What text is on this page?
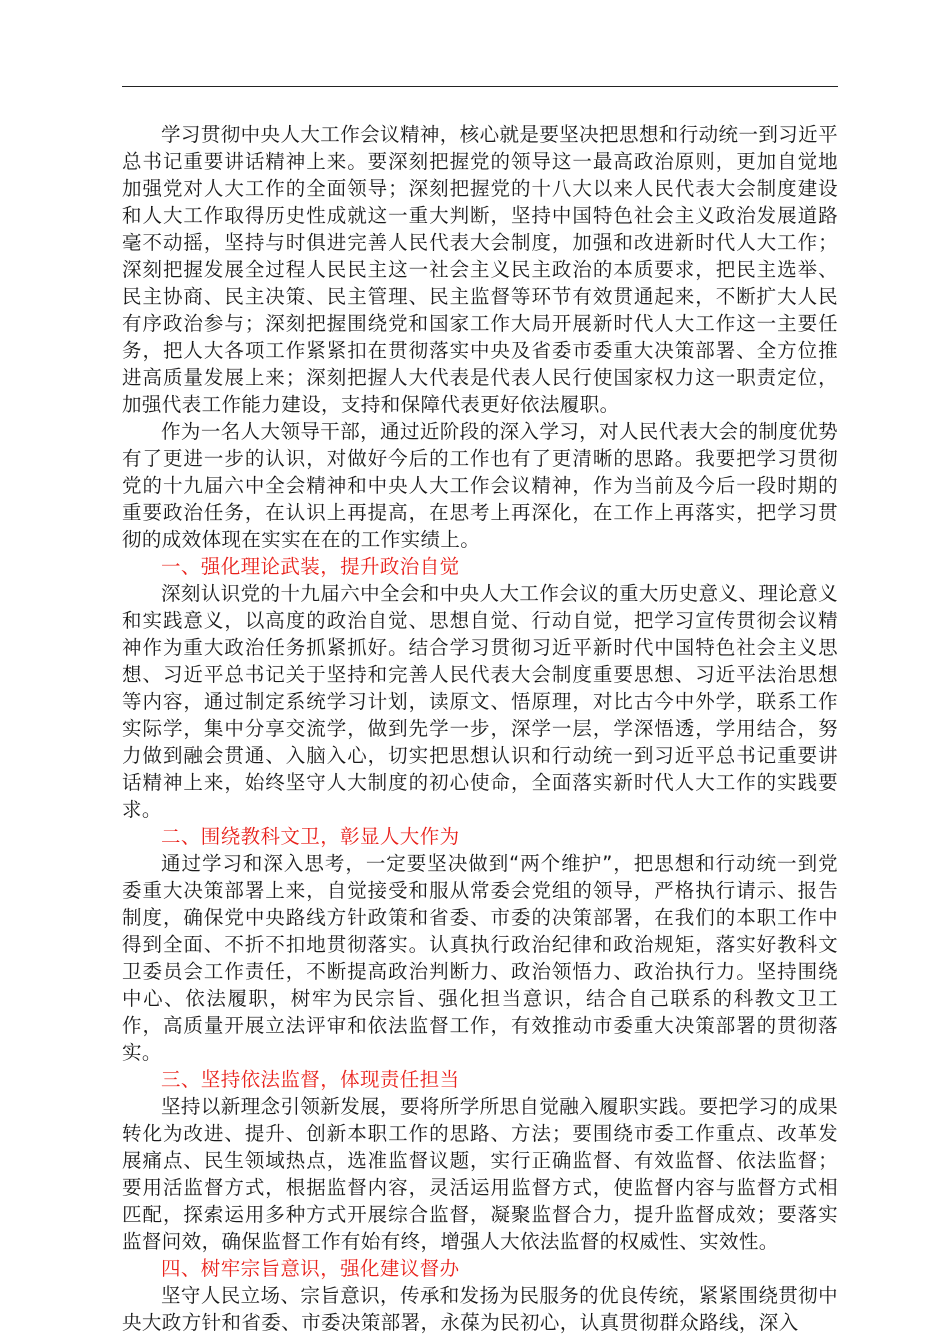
学习贯彻中央人大工作会议精神，核心就是要坚决把思想和行动统一到习近平总书记重要讲话精神上来。要深刻把握党的领导这一最高政治原则，更加自觉地加强党对人大工作的全面领导；深刻把握党的十八大以来人民代表大会制度建设和人大工作取得历史性成就这一重大判断，坚持中国特色社会主义政治发展道路毫不动摇，坚持与时俱进完善人民代表大会制度，加强和改进新时代人大工作；深刻把握发展全过程人民民主这一社会主义民主政治的本质要求，把民主选举、民主协商、民主决策、民主管理、民主监督等环节有效贯通起来，不断扩大人民有序政治参与；深刻把握围绕党和国家工作大局开展新时代人大工作这一主要任务，把人大各项工作紧紧扣在贯彻落实中央及省委市委重大决策部署、全方位推进高质量发展上来；深刻把握人大代表是代表人民行使国家权力这一职责定位，加强代表工作能力建设，支持和保障代表更好依法履职。

作为一名人大领导干部，通过近阶段的深入学习，对人民代表大会的制度优势有了更进一步的认识，对做好今后的工作也有了更清晰的思路。我要把学习贯彻党的十九届六中全会精神和中央人大工作会议精神，作为当前及今后一段时期的重要政治任务，在认识上再提高，在思考上再深化，在工作上再落实，把学习贯彻的成效体现在实实在在的工作实绩上。

一、强化理论武装，提升政治自觉

深刻认识党的十九届六中全会和中央人大工作会议的重大历史意义、理论意义和实践意义，以高度的政治自觉、思想自觉、行动自觉，把学习宣传贯彻会议精神作为重大政治任务抓紧抓好。结合学习贯彻习近平新时代中国特色社会主义思想、习近平总书记关于坚持和完善人民代表大会制度重要思想、习近平法治思想等内容，通过制定系统学习计划，读原文、悟原理，对比古今中外学，联系工作实际学，集中分享交流学，做到先学一步，深学一层，学深悟透，学用结合，努力做到融会贯通、入脑入心，切实把思想认识和行动统一到习近平总书记重要讲话精神上来，始终坚守人大制度的初心使命，全面落实新时代人大工作的实践要求。

二、围绕教科文卫，彰显人大作为

通过学习和深入思考，一定要坚决做到“两个维护”，把思想和行动统一到党委重大决策部署上来，自觉接受和服从常委会党组的领导，严格执行请示、报告制度，确保党中央路线方针政策和省委、市委的决策部署，在我们的本职工作中得到全面、不折不扣地贯彻落实。认真执行政治纪律和政治规矩，落实好教科文卫委员会工作责任，不断提高政治判断力、政治领悟力、政治执行力。坚持围绕中心、依法履职，树牢为民宗旨、强化担当意识，结合自己联系的科教文卫工作，高质量开展立法评审和依法监督工作，有效推动市委重大决策部署的贯彻落实。

三、坚持依法监督，体现责任担当

坚持以新理念引领新发展，要将所学所思自觉融入履职实践。要把学习的成果转化为改进、提升、创新本职工作的思路、方法；要围绕市委工作重点、改革发展痛点、民生领域热点，选准监督议题，实行正确监督、有效监督、依法监督；要用活监督方式，根据监督内容，灵活运用监督方式，使监督内容与监督方式相匹配，探索运用多种方式开展综合监督，凝聚监督合力，提升监督成效；要落实监督问效，确保监督工作有始有终，增强人大依法监督的权威性、实效性。

四、树牢宗旨意识，强化建议督办

坚守人民立场、宗旨意识，传承和发扬为民服务的优良传统，紧紧围绕贯彻中央大政方针和省委、市委决策部署，永葆为民初心，认真贯彻群众路线，深入
